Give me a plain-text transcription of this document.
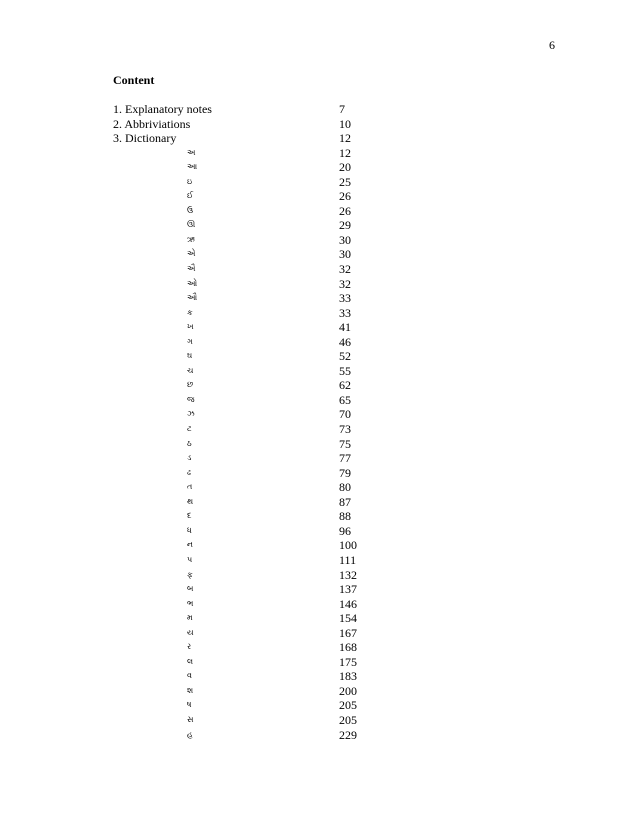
6
Content
1. Explanatory notes	7
2. Abbriviations	10
3. Dictionary	12
અ	12
આ	20
ઇ	25
ઈ	26
ઉ	26
ઊ	29
ઋ	30
એ	30
ઐ	32
ઓ	32
ઔ	33
ક	33
ખ	41
ગ	46
ઘ	52
ચ	55
છ	62
જ	65
ઝ	70
ટ	73
ઠ	75
ડ	77
ઢ	79
ત	80
થ	87
દ	88
ધ	96
ન	100
પ	111
ફ	132
બ	137
ભ	146
મ	154
ય	167
ર	168
લ	175
વ	183
શ	200
ષ	205
સ	205
હ	229
